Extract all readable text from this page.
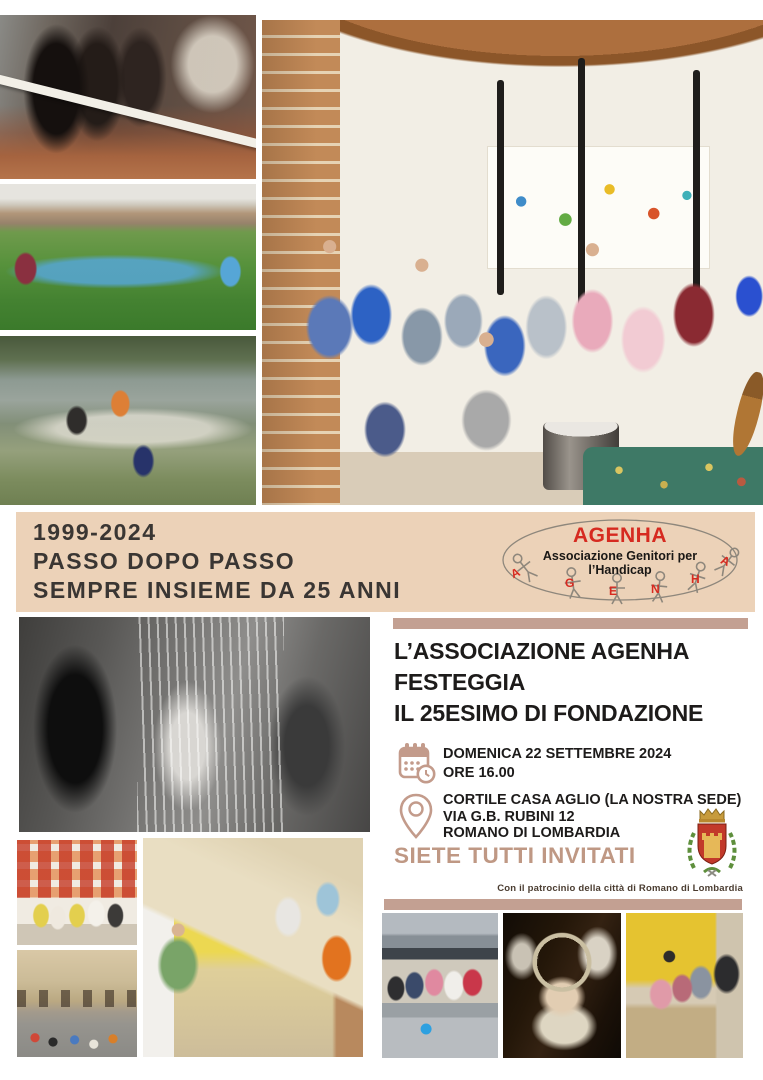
1999-2024
PASSO DOPO PASSO
SEMPRE INSIEME DA 25 ANNI
AGENHA
Associazione Genitori per
l’Handicap
A
G
E	N
H
A
L’ASSOCIAZIONE AGENHA
FESTEGGIA
IL 25ESIMO DI FONDAZIONE
DOMENICA 22 SETTEMBRE 2024
ORE 16.00
CORTILE CASA AGLIO (LA NOSTRA SEDE)
VIA G.B. RUBINI 12
ROMANO DI LOMBARDIA
SIETE TUTTI INVITATI
Con il patrocinio della città di Romano di Lombardia
